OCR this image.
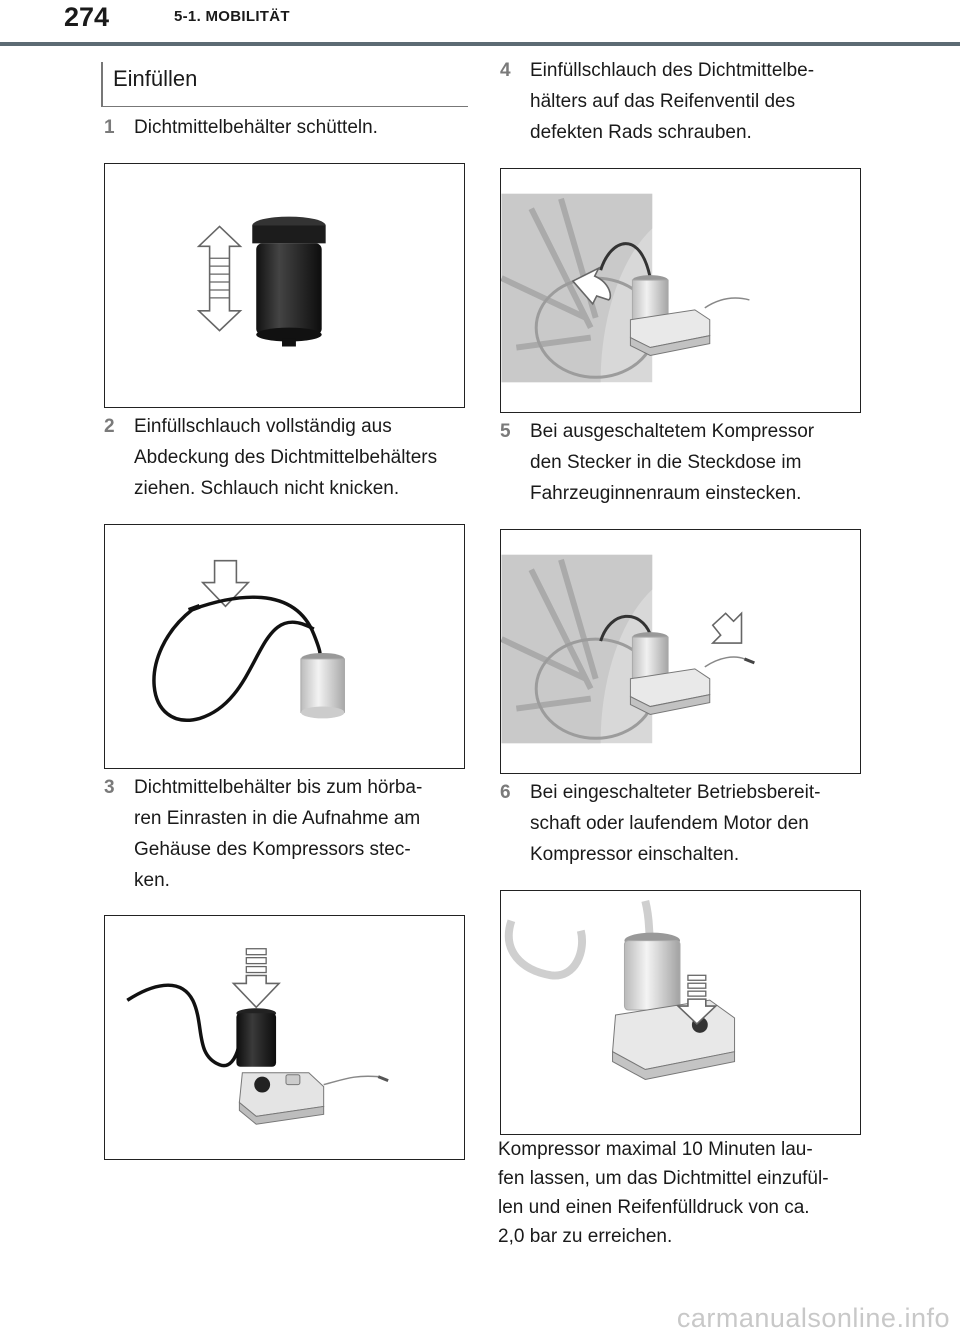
274	5-1. MOBILITÄT
Einfüllen
1 Dichtmittelbehälter schütteln.
2 Einfüllschlauch vollständig aus
Abdeckung des Dichtmittelbehälters
ziehen. Schlauch nicht knicken.
3 Dichtmittelbehälter bis zum hörba-
ren Einrasten in die Aufnahme am
Gehäuse des Kompressors stec-
ken.
4 Einfüllschlauch des Dichtmittelbe-
hälters auf das Reifenventil des
defekten Rads schrauben.
5 Bei ausgeschaltetem Kompressor
den Stecker in die Steckdose im
Fahrzeuginnenraum einstecken.
6 Bei eingeschalteter Betriebsbereit-
schaft oder laufendem Motor den
Kompressor einschalten.
Kompressor maximal 10 Minuten lau-
fen lassen, um das Dichtmittel einzufül-
len und einen Reifenfülldruck von ca.
2,0 bar zu erreichen.
carmanualsonline.info
